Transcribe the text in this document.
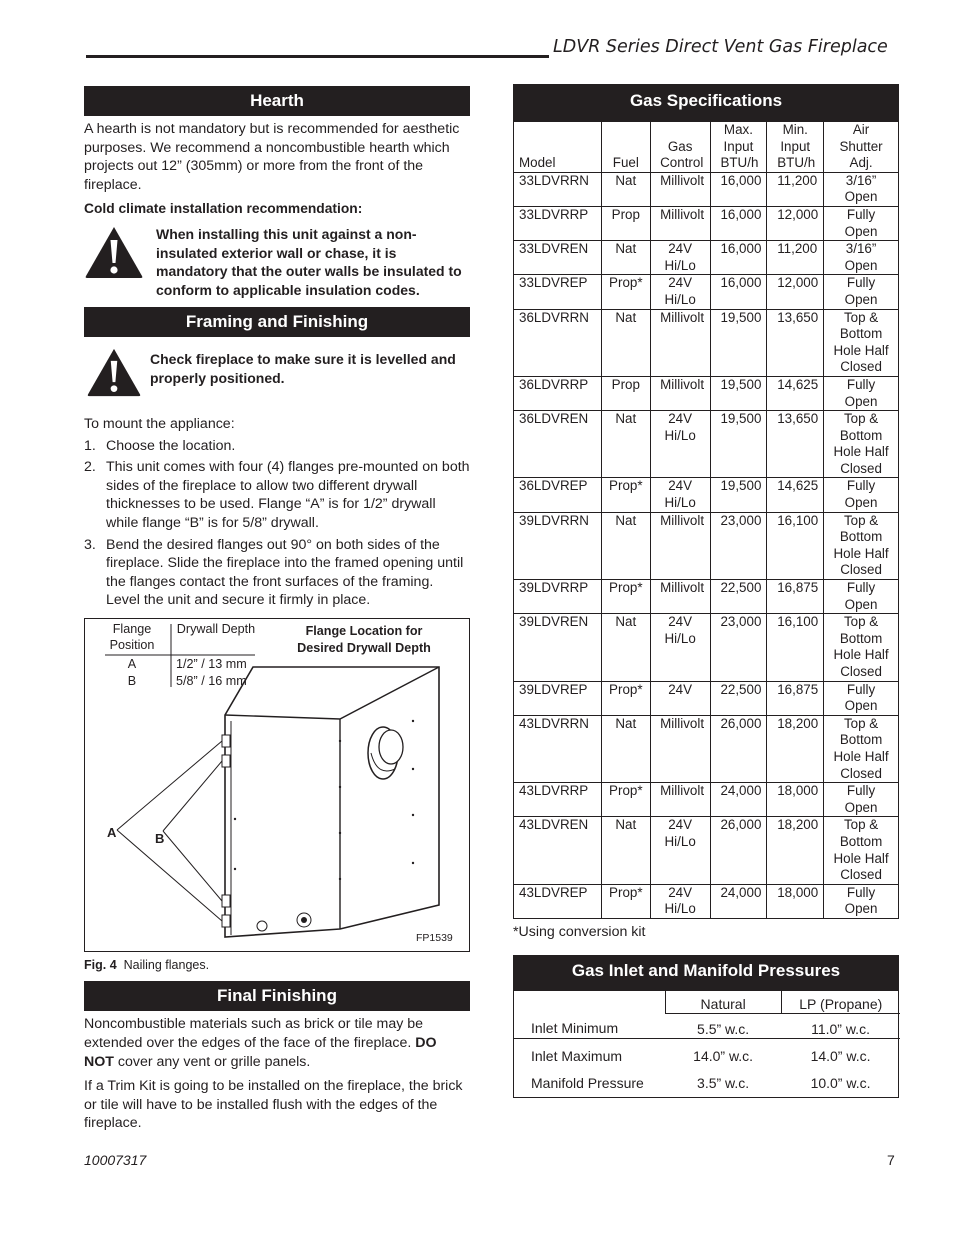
LDVR Series Direct Vent Gas Fireplace
Hearth

A hearth is not mandatory but is recommended for aesthetic purposes. We recommend a noncombustible hearth which projects out 12” (305mm) or more from the front of the fireplace.

Cold climate installation recommendation:
When installing this unit against a non-insulated exterior wall or chase, it is mandatory that the outer walls be insulated to conform to applicable insulation codes.
Framing and Finishing
Check fireplace to make sure it is levelled and properly positioned.

To mount the appliance:

1. Choose the location.
2. This unit comes with four (4) flanges pre-mounted on both sides of the fireplace to allow two different drywall thicknesses to be used. Flange “A” is for 1/2” drywall while flange “B” is for 5/8” drywall.
3. Bend the desired flanges out 90° on both sides of the fireplace. Slide the fireplace into the framed opening until the flanges contact the front surfaces of the framing. Level the unit and secure it firmly in place.
Flange Position
Drywall Depth
A	1/2” / 13 mm
B	5/8” / 16 mm
Flange Location for Desired Drywall Depth
A	B
FP1539
Fig. 4 Nailing flanges.
Final Finishing

Noncombustible materials such as brick or tile may be extended over the edges of the face of the fireplace. DO NOT cover any vent or grille panels.

If a Trim Kit is going to be installed on the fireplace, the brick or tile will have to be installed flush with the edges of the fireplace.

Gas Specifications
Model	Fuel	Gas Control	Max. Input BTU/h	Min. Input BTU/h	Air Shutter Adj.

33LDVRRN	Nat	Millivolt	16,000	11,200	3/16” Open

33LDVRRP	Prop	Millivolt	16,000	12,000	Fully Open

33LDVREN	Nat	24V Hi/Lo	16,000	11,200	3/16” Open

33LDVREP	Prop*	24V Hi/Lo	16,000	12,000	Fully Open

36LDVRRN	Nat	Millivolt	19,500	13,650	Top & Bottom Hole Half Closed

36LDVRRP	Prop	Millivolt	19,500	14,625	Fully Open

36LDVREN	Nat	24V Hi/Lo	19,500	13,650	Top & Bottom Hole Half Closed

36LDVREP	Prop*	24V Hi/Lo	19,500	14,625	Fully Open

39LDVRRN	Nat	Millivolt	23,000	16,100	Top & Bottom Hole Half Closed

39LDVRRP	Prop*	Millivolt	22,500	16,875	Fully Open

39LDVREN	Nat	24V Hi/Lo	23,000	16,100	Top & Bottom Hole Half Closed

39LDVREP	Prop*	24V	22,500	16,875	Fully Open

43LDVRRN	Nat	Millivolt	26,000	18,200	Top & Bottom Hole Half Closed

43LDVRRP	Prop*	Millivolt	24,000	18,000	Fully Open

43LDVREN	Nat	24V Hi/Lo	26,000	18,200	Top & Bottom Hole Half Closed

43LDVREP	Prop*	24V Hi/Lo	24,000	18,000	Fully Open
*Using conversion kit
Gas Inlet and Manifold Pressures
	Natural	LP (Propane)
Inlet Minimum	5.5” w.c.	11.0” w.c.
Inlet Maximum	14.0” w.c.	14.0” w.c.
Manifold Pressure	3.5” w.c.	10.0” w.c.
10007317	7
